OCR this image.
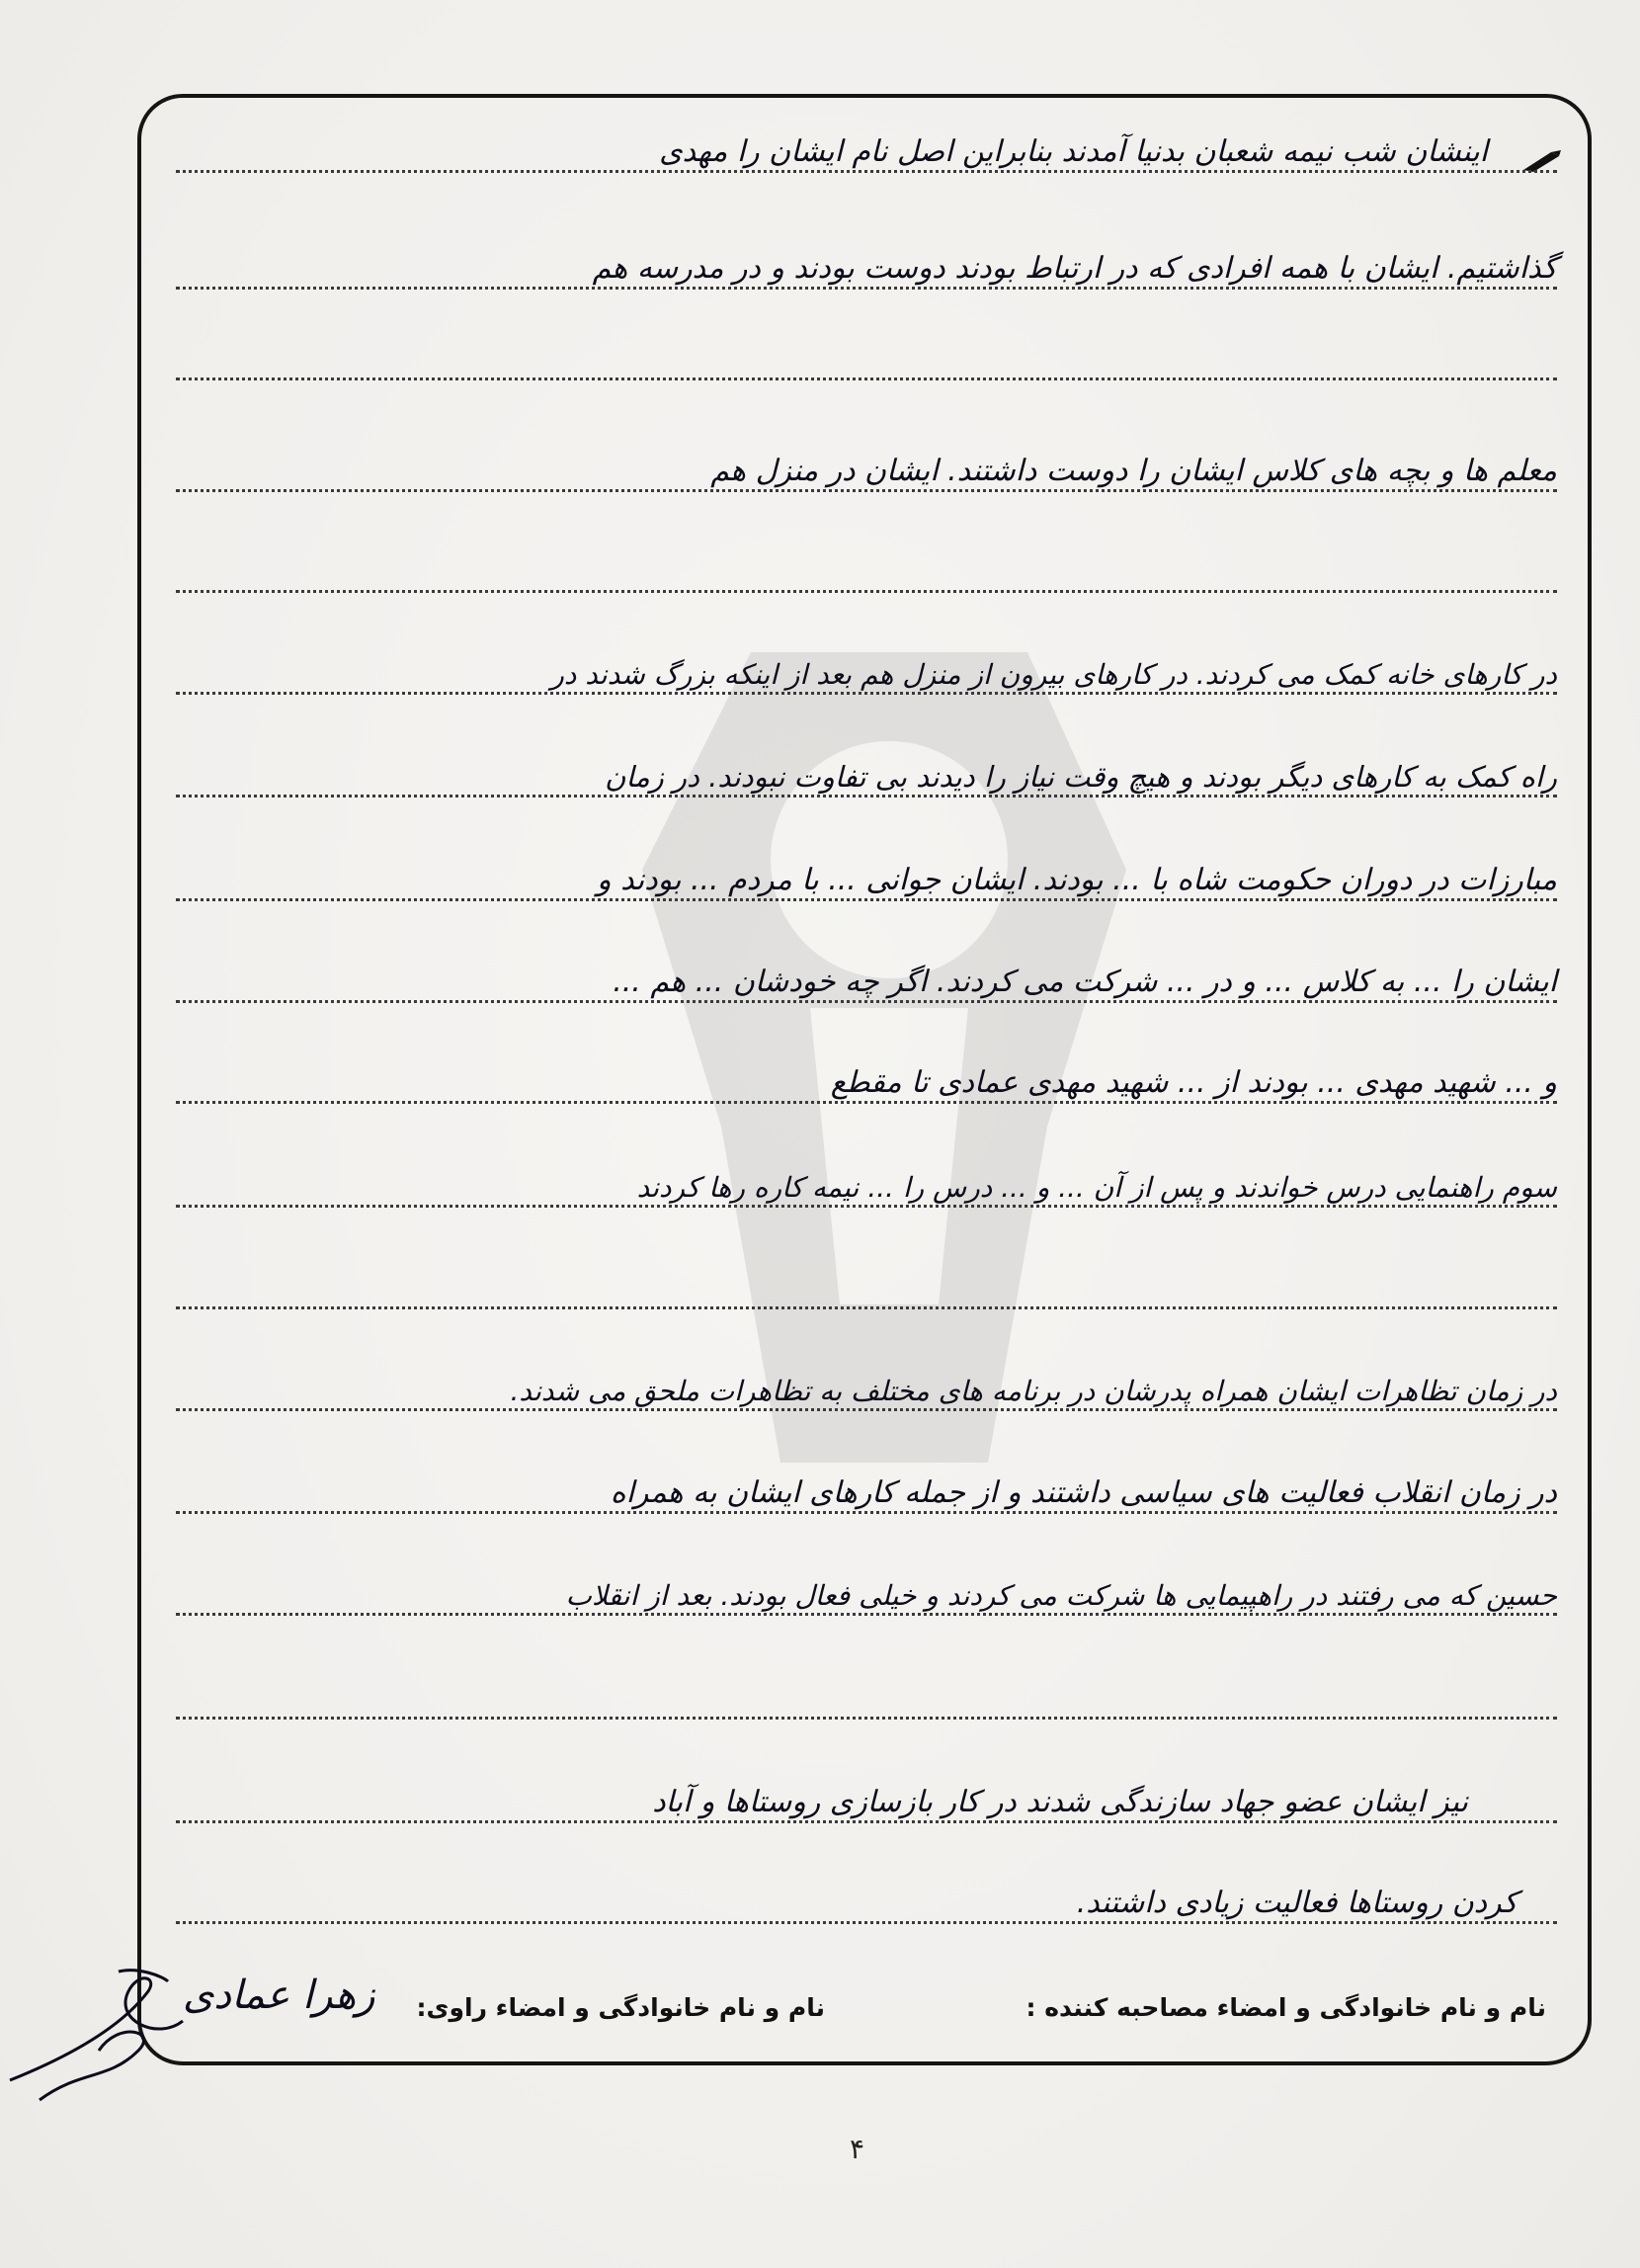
اینشان شب نیمه شعبان بدنیا آمدند بنابراین اصل نام ایشان را مهدی
گذاشتیم. ایشان با همه افرادی که در ارتباط بودند دوست بودند و در مدرسه هم
معلم ها و بچه های کلاس ایشان را دوست داشتند. ایشان در منزل هم
در کارهای خانه کمک می کردند. در کارهای بیرون از منزل هم بعد از اینکه بزرگ شدند در
راه کمک به کارهای دیگر بودند و هیچ وقت نیاز را دیدند بی تفاوت نبودند. در زمان
مبارزات در دوران حکومت شاه با ... بودند. ایشان جوانی ... با مردم ... بودند و
ایشان را ... به کلاس ... و در ... شرکت می کردند. اگر چه خودشان ... هم ...
و ... شهید مهدی ... بودند از ... شهید مهدی عمادی تا مقطع
سوم راهنمایی درس خواندند و پس از آن ... و ... درس را ... نیمه کاره رها کردند
در زمان تظاهرات ایشان همراه پدرشان در برنامه های مختلف به تظاهرات ملحق می شدند.
در زمان انقلاب فعالیت های سیاسی داشتند و از جمله کارهای ایشان به همراه
حسین که می رفتند در راهپیمایی ها شرکت می کردند و خیلی فعال بودند. بعد از انقلاب
نیز ایشان عضو جهاد سازندگی شدند در کار بازسازی روستاها و آباد
کردن روستاها فعالیت زیادی داشتند.
نام و نام خانوادگی و امضاء مصاحبه کننده :
نام و نام خانوادگی و امضاء راوی:
زهرا عمادی
۴
